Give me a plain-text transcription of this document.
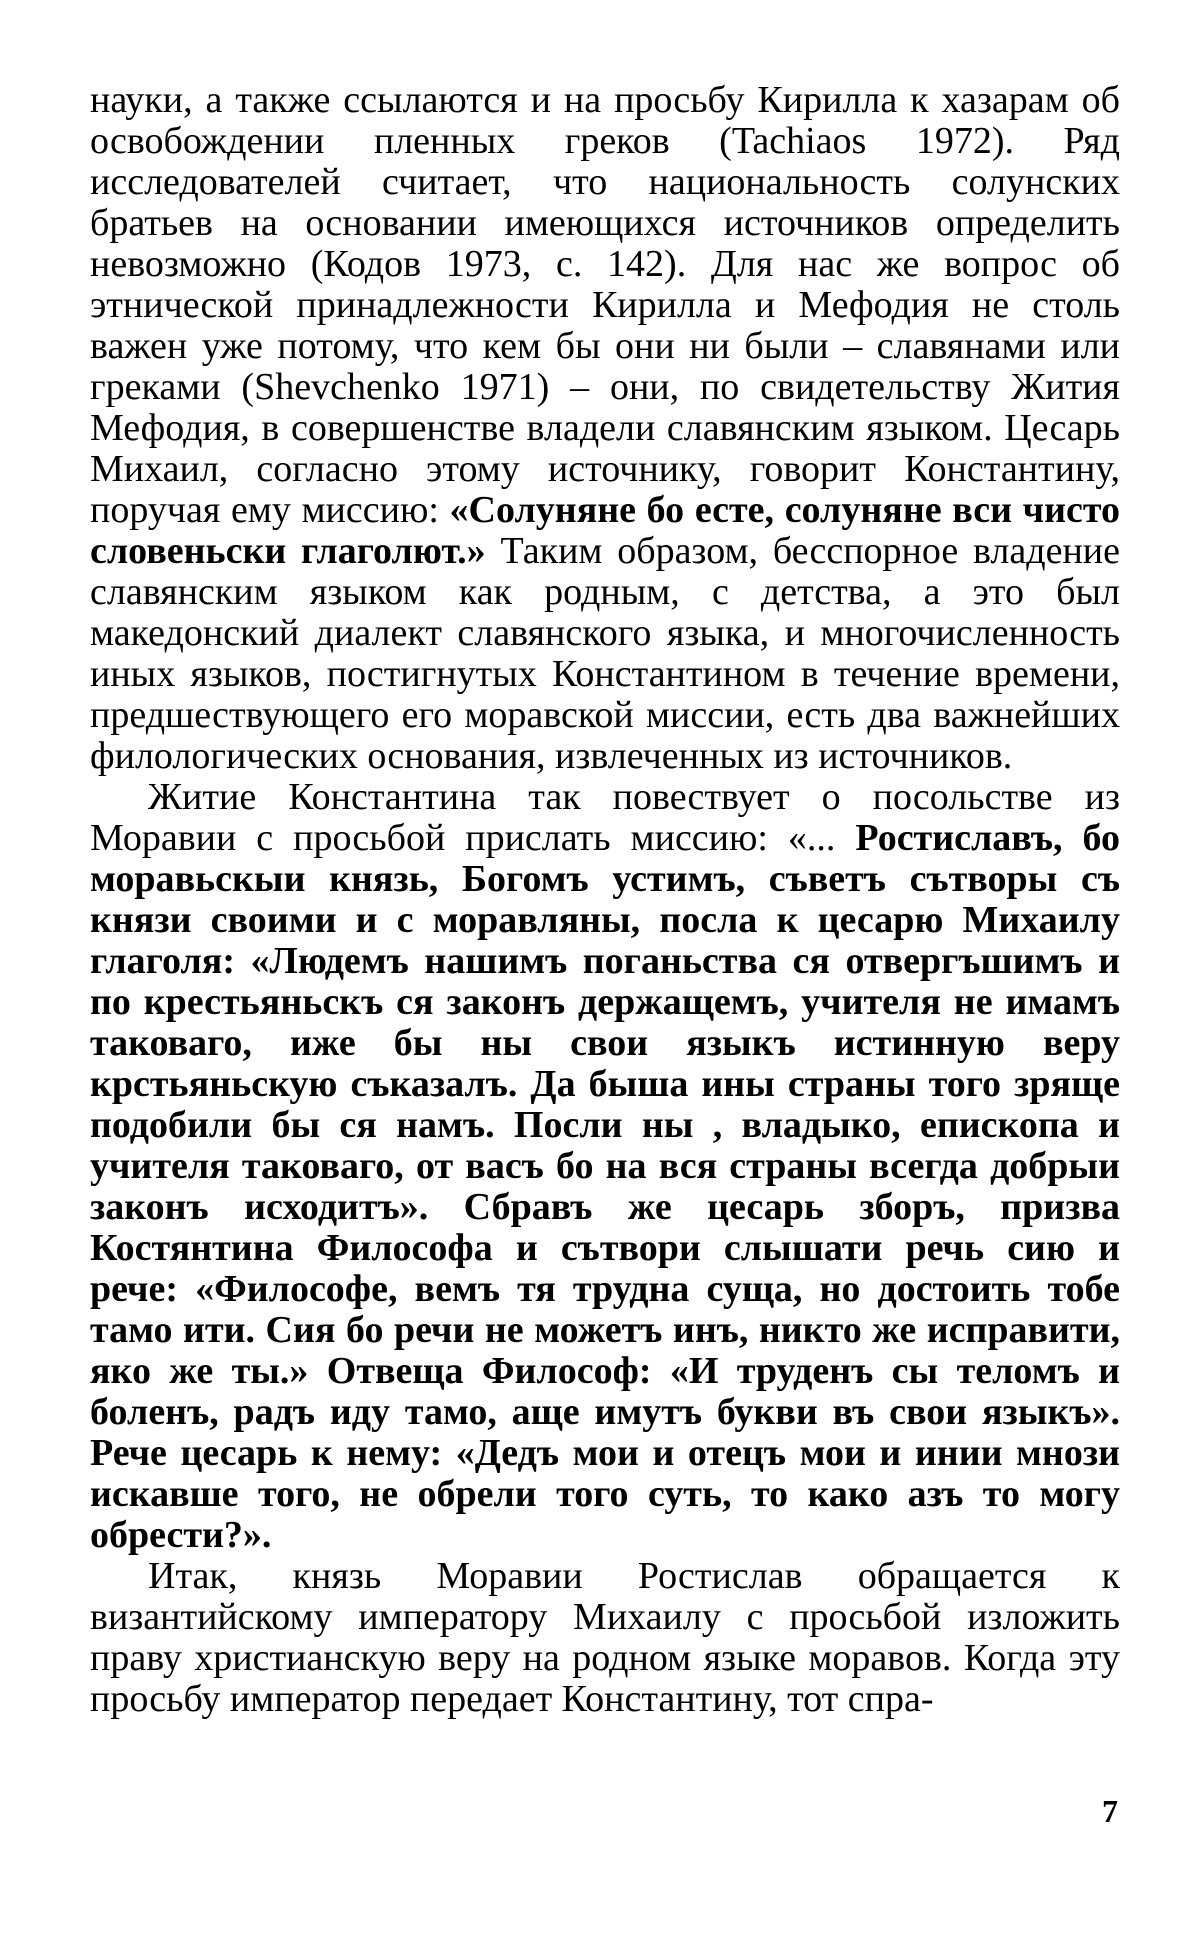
науки, а также ссылаются и на просьбу Кирилла к хазарам об освобождении пленных греков (Tachiaos 1972). Ряд исследователей считает, что национальность солунских братьев на основании имеющихся источников определить невозможно (Кодов 1973, с. 142). Для нас же вопрос об этнической принадлежности Кирилла и Мефодия не столь важен уже потому, что кем бы они ни были – славянами или греками (Shevchenko 1971) – они, по свидетельству Жития Мефодия, в совершенстве владели славянским языком. Цесарь Михаил, согласно этому источнику, говорит Константину, поручая ему миссию: «Солуняне бо есте, солуняне вси чисто словеньски глаголют.» Таким образом, бесспорное владение славянским языком как родным, с детства, а это был македонский диалект славянского языка, и многочисленность иных языков, постигнутых Константином в течение времени, предшествующего его моравской миссии, есть два важнейших филологических основания, извлеченных из источников.

Житие Константина так повествует о посольстве из Моравии с просьбой прислать миссию: «... Ростиславъ, бо моравьскыи князь, Богомъ устимъ, съветъ сътворы съ князи своими и с моравляны, посла к цесарю Михаилу глаголя: «Людемъ нашимъ поганьства ся отвергъшимъ и по крестьяньскъ ся законъ держащемъ, учителя не имамъ таковаго, иже бы ны свои языкъ истинную веру крстьяньскую съказалъ. Да быша ины страны того зряще подобили бы ся намъ. Посли ны , владыко, епископа и учителя таковаго, от васъ бо на вся страны всегда добрыи законъ исходитъ». Сбравъ же цесарь зборъ, призва Костянтина Философа и сътвори слышати речь сию и рече: «Философе, вемъ тя трудна суща, но достоить тобе тамо ити. Сия бо речи не можетъ инъ, никто же исправити, яко же ты.» Отвеща Философ: «И труденъ сы теломъ и боленъ, радъ иду тамо, аще имутъ букви въ свои языкъ». Рече цесарь к нему: «Дедъ мои и отецъ мои и инии мнози искавше того, не обрели того суть, то како азъ то могу обрести?».

Итак, князь Моравии Ростислав обращается к византийскому императору Михаилу с просьбой изложить праву христианскую веру на родном языке моравов. Когда эту просьбу император передает Константину, тот спра-

7
